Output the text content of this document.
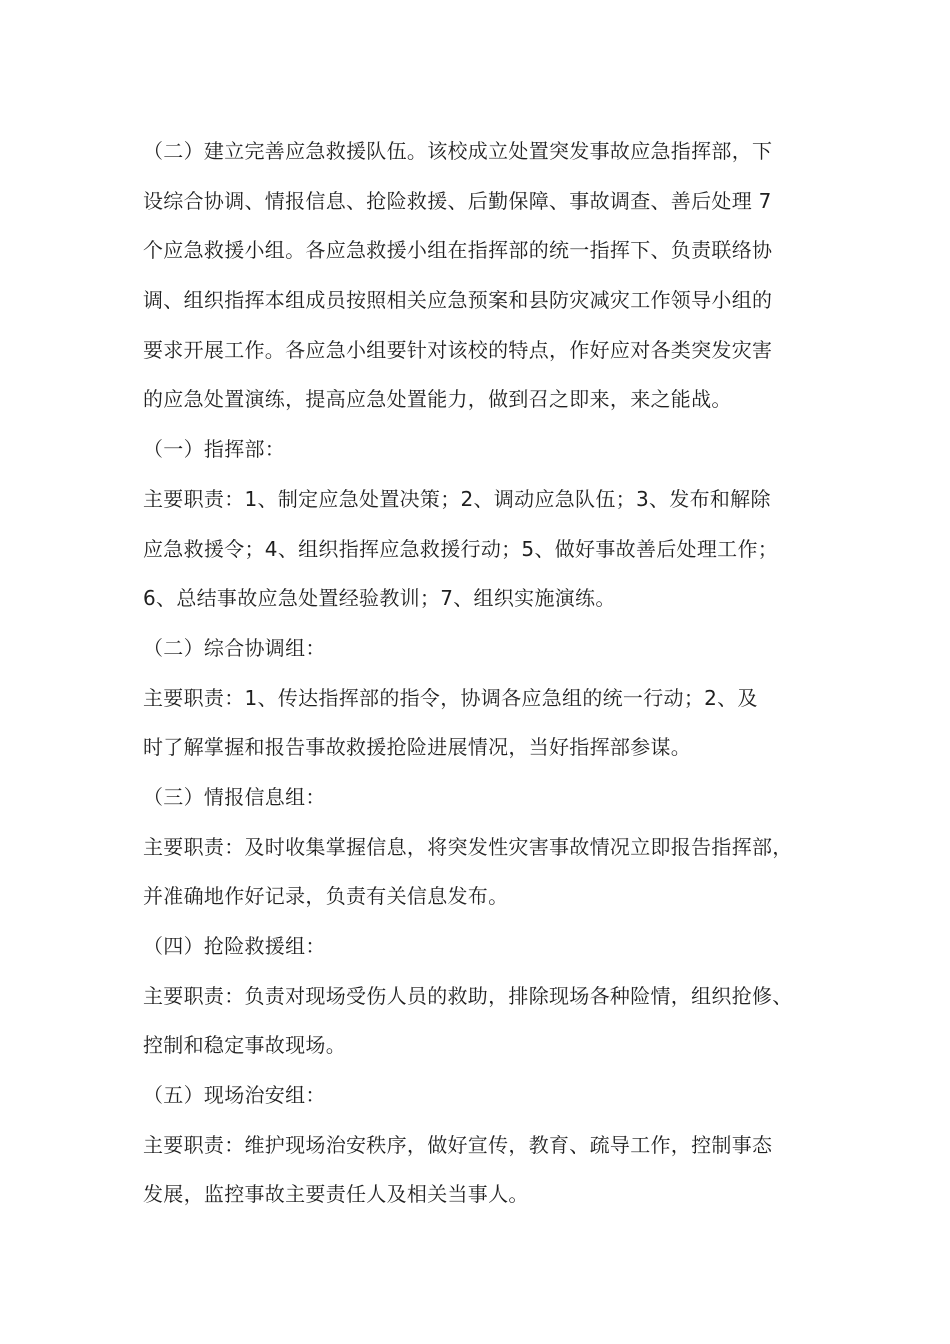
（二）建立完善应急救援队伍。该校成立处置突发事故应急指挥部，下
设综合协调、情报信息、抢险救援、后勤保障、事故调查、善后处理 7
个应急救援小组。各应急救援小组在指挥部的统一指挥下、负责联络协
调、组织指挥本组成员按照相关应急预案和县防灾减灾工作领导小组的
要求开展工作。各应急小组要针对该校的特点，作好应对各类突发灾害
的应急处置演练，提高应急处置能力，做到召之即来，来之能战。
（一）指挥部：
主要职责：1、制定应急处置决策；2、调动应急队伍；3、发布和解除
应急救援令；4、组织指挥应急救援行动；5、做好事故善后处理工作；
6、总结事故应急处置经验教训；7、组织实施演练。
（二）综合协调组：
主要职责：1、传达指挥部的指令，协调各应急组的统一行动；2、及
时了解掌握和报告事故救援抢险进展情况，当好指挥部参谋。
（三）情报信息组：
主要职责：及时收集掌握信息，将突发性灾害事故情况立即报告指挥部，
并准确地作好记录，负责有关信息发布。
（四）抢险救援组：
主要职责：负责对现场受伤人员的救助，排除现场各种险情，组织抢修、
控制和稳定事故现场。
（五）现场治安组：
主要职责：维护现场治安秩序，做好宣传，教育、疏导工作，控制事态
发展，监控事故主要责任人及相关当事人。
